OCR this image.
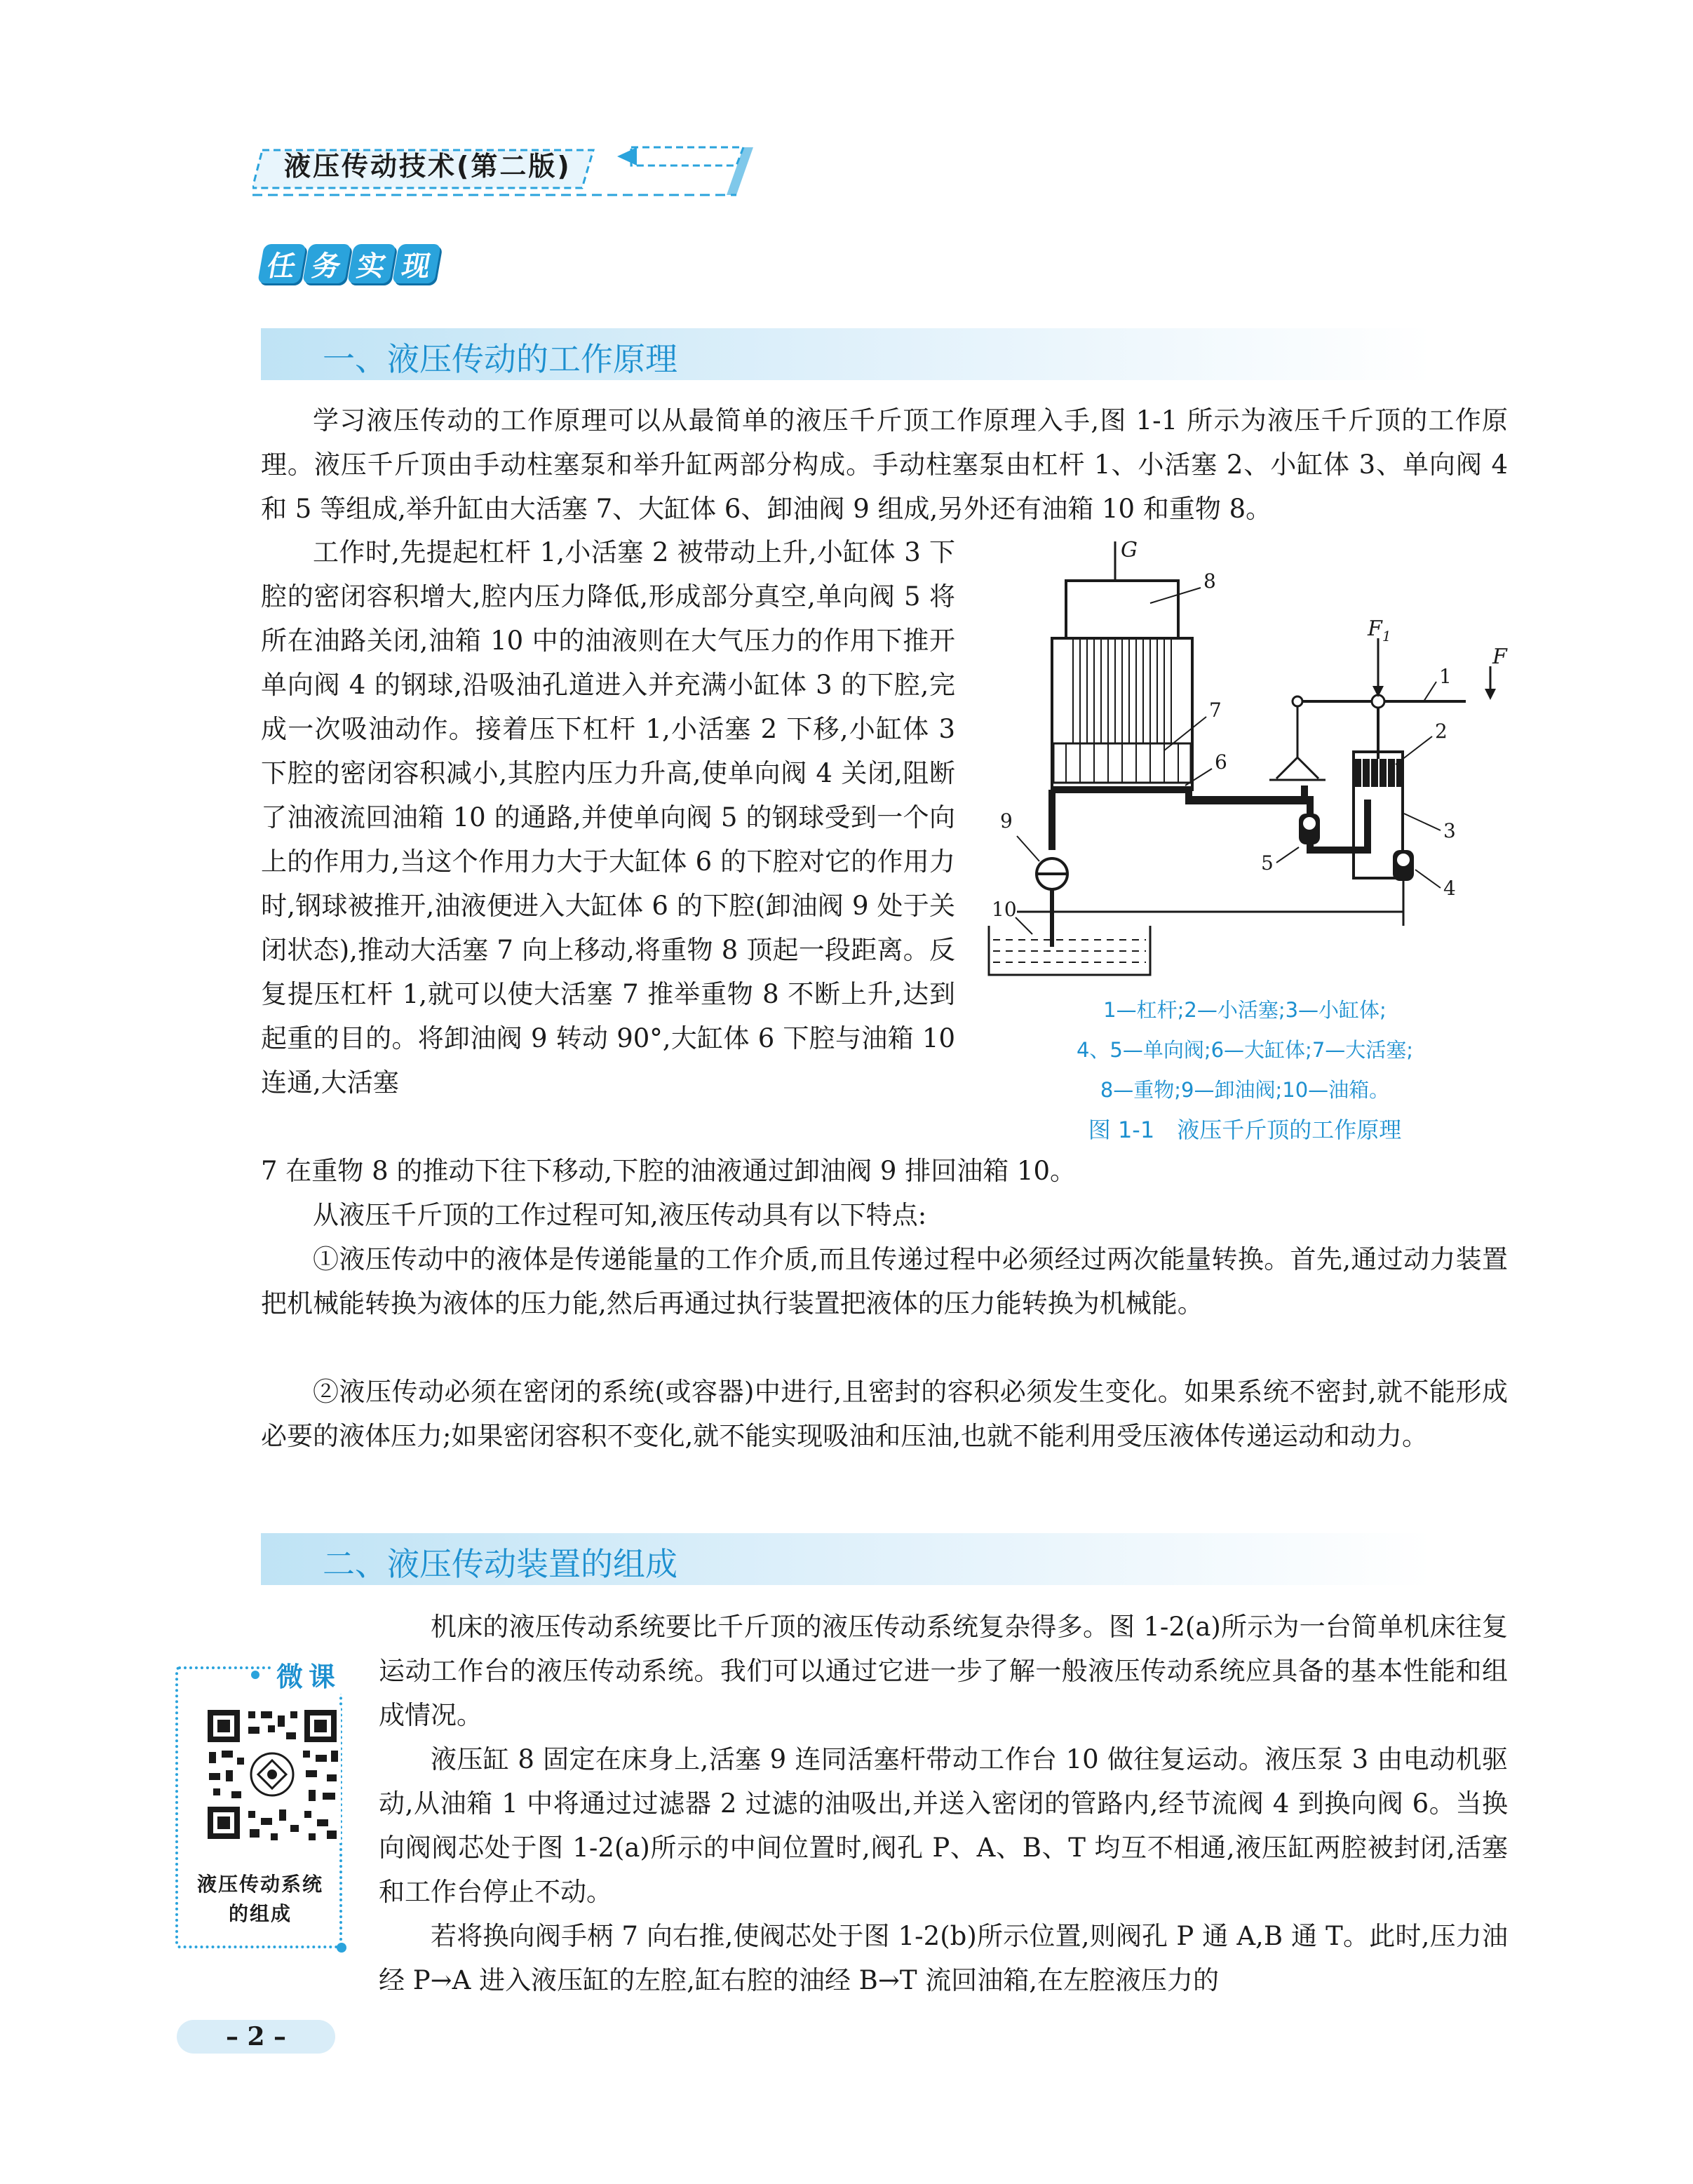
液压传动技术(第二版)
任 务 实 现
一、液压传动的工作原理

学习液压传动的工作原理可以从最简单的液压千斤顶工作原理入手,图 1-1 所示为液压千斤顶的工作原理。液压千斤顶由手动柱塞泵和举升缸两部分构成。手动柱塞泵由杠杆 1、小活塞 2、小缸体 3、单向阀 4 和 5 等组成,举升缸由大活塞 7、大缸体 6、卸油阀 9 组成,另外还有油箱 10 和重物 8。

工作时,先提起杠杆 1,小活塞 2 被带动上升,小缸体 3 下腔的密闭容积增大,腔内压力降低,形成部分真空,单向阀 5 将所在油路关闭,油箱 10 中的油液则在大气压力的作用下推开单向阀 4 的钢球,沿吸油孔道进入并充满小缸体 3 的下腔,完成一次吸油动作。接着压下杠杆 1,小活塞 2 下移,小缸体 3 下腔的密闭容积减小,其腔内压力升高,使单向阀 4 关闭,阻断了油液流回油箱 10 的通路,并使单向阀 5 的钢球受到一个向上的作用力,当这个作用力大于大缸体 6 的下腔对它的作用力时,钢球被推开,油液便进入大缸体 6 的下腔(卸油阀 9 处于关闭状态),推动大活塞 7 向上移动,将重物 8 顶起一段距离。反复提压杠杆 1,就可以使大活塞 7 推举重物 8 不断上升,达到起重的目的。将卸油阀 9 转动 90°,大缸体 6 下腔与油箱 10 连通,大活塞

7 在重物 8 的推动下往下移动,下腔的油液通过卸油阀 9 排回油箱 10。

从液压千斤顶的工作过程可知,液压传动具有以下特点:

①液压传动中的液体是传递能量的工作介质,而且传递过程中必须经过两次能量转换。首先,通过动力装置把机械能转换为液体的压力能,然后再通过执行装置把液体的压力能转换为机械能。

②液压传动必须在密闭的系统(或容器)中进行,且密封的容积必须发生变化。如果系统不密封,就不能形成必要的液体压力;如果密闭容积不变化,就不能实现吸油和压油,也就不能利用受压液体传递运动和动力。

G
8
7
6
5
2
3
4
1
$F_1$
F
9
10
1—杠杆;2—小活塞;3—小缸体;
4、5—单向阀;6—大缸体;7—大活塞;
8—重物;9—卸油阀;10—油箱。
图 1-1　液压千斤顶的工作原理
二、液压传动装置的组成

机床的液压传动系统要比千斤顶的液压传动系统复杂得多。图 1-2(a)所示为一台简单机床往复运动工作台的液压传动系统。我们可以通过它进一步了解一般液压传动系统应具备的基本性能和组成情况。

液压缸 8 固定在床身上,活塞 9 连同活塞杆带动工作台 10 做往复运动。液压泵 3 由电动机驱动,从油箱 1 中将通过过滤器 2 过滤的油吸出,并送入密闭的管路内,经节流阀 4 到换向阀 6。当换向阀阀芯处于图 1-2(a)所示的中间位置时,阀孔 P、A、B、T 均互不相通,液压缸两腔被封闭,活塞和工作台停止不动。

若将换向阀手柄 7 向右推,使阀芯处于图 1-2(b)所示位置,则阀孔 P 通 A,B 通 T。此时,压力油经 P→A 进入液压缸的左腔,缸右腔的油经 B→T 流回油箱,在左腔液压力的

微课
液压传动系统
的组成
– 2 –
